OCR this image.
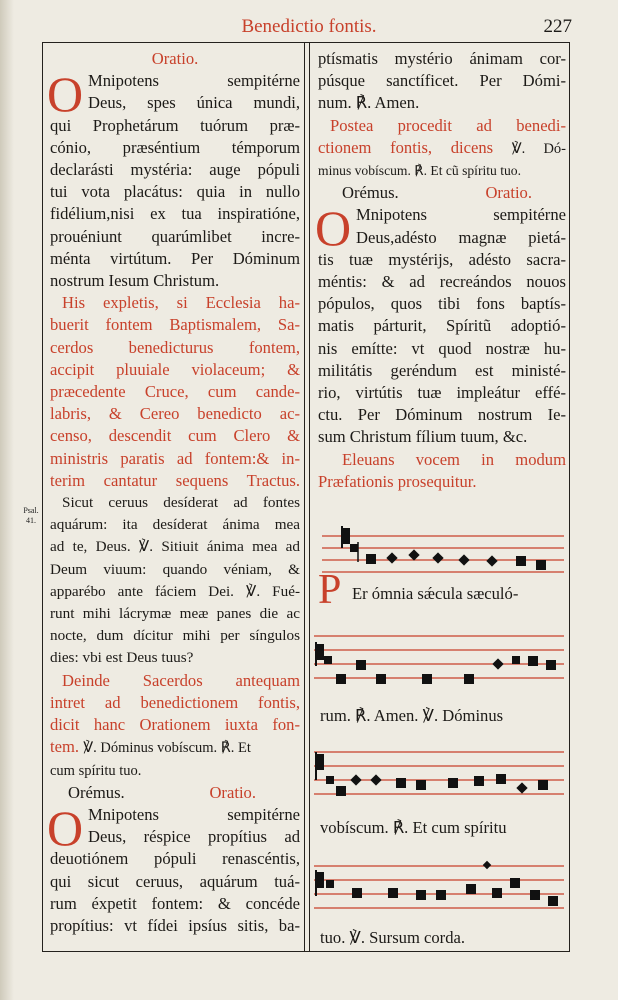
Benedictio fontis.	227
Psal. 41.
Oratio.
O Mnipotens sempitérne
Deus, spes única mundi,
qui Prophetárum tuórum præ-
cónio, præséntium témporum
declarásti mystéria: auge pópuli
tui vota placátus: quia in nullo
fidélium,nisi ex tua inspiratióne,
prouéniunt quarúmlibet incre-
ménta virtútum. Per Dóminum
nostrum Iesum Christum.
His expletis, si Ecclesia ha-
buerit fontem Baptismalem, Sa-
cerdos benedicturus fontem,
accipit pluuiale violaceum; &
præcedente Cruce, cum cande-
labris, & Cereo benedicto ac-
censo, descendit cum Clero &
ministris paratis ad fontem:& in-
terim cantatur sequens Tractus.
Sicut ceruus desíderat ad fontes
aquárum: ita desíderat ánima mea
ad te, Deus. ℣. Sitiuit ánima mea ad
Deum viuum: quando véniam, &
apparébo ante fáciem Dei. ℣. Fué-
runt mihi lácrymæ meæ panes die ac
nocte, dum dícitur mihi per síngulos
dies: vbi est Deus tuus?
Deinde Sacerdos antequam
intret ad benedictionem fontis,
dicit hanc Orationem iuxta fon-
tem. ℣. Dóminus vobíscum. ℟. Et
cum spíritu tuo.
Orémus.	Oratio.
O Mnipotens sempitérne
Deus, réspice propítius ad
deuotiónem pópuli renascéntis,
qui sicut ceruus, aquárum tuá-
rum éxpetit fontem: & concéde
propítius: vt fídei ipsíus sitis, ba-
ptísmatis mystério ánimam cor-
púsque sanctíficet. Per Dómi-
num. ℟. Amen.
Postea procedit ad benedi-
ctionem fontis, dicens ℣. Dó-
minus vobíscum. ℟. Et cũ spíritu tuo.
Orémus.	Oratio.
O Mnipotens sempitérne
Deus,adésto magnæ pietá-
tis tuæ mystérijs, adésto sacra-
méntis: & ad recreándos nouos
pópulos, quos tibi fons baptís-
matis párturit, Spíritũ adoptió-
nis emítte: vt quod nostræ hu-
militátis geréndum est ministé-
rio, virtútis tuæ impleátur effé-
ctu. Per Dóminum nostrum Ie-
sum Christum fílium tuum, &c.
Eleuans vocem in modum
Præfationis prosequitur.
P Er ómnia sǽcula sæculó-
rum. ℟. Amen. ℣. Dóminus
vobíscum. ℟. Et cum spíritu
tuo. ℣. Sursum corda.
